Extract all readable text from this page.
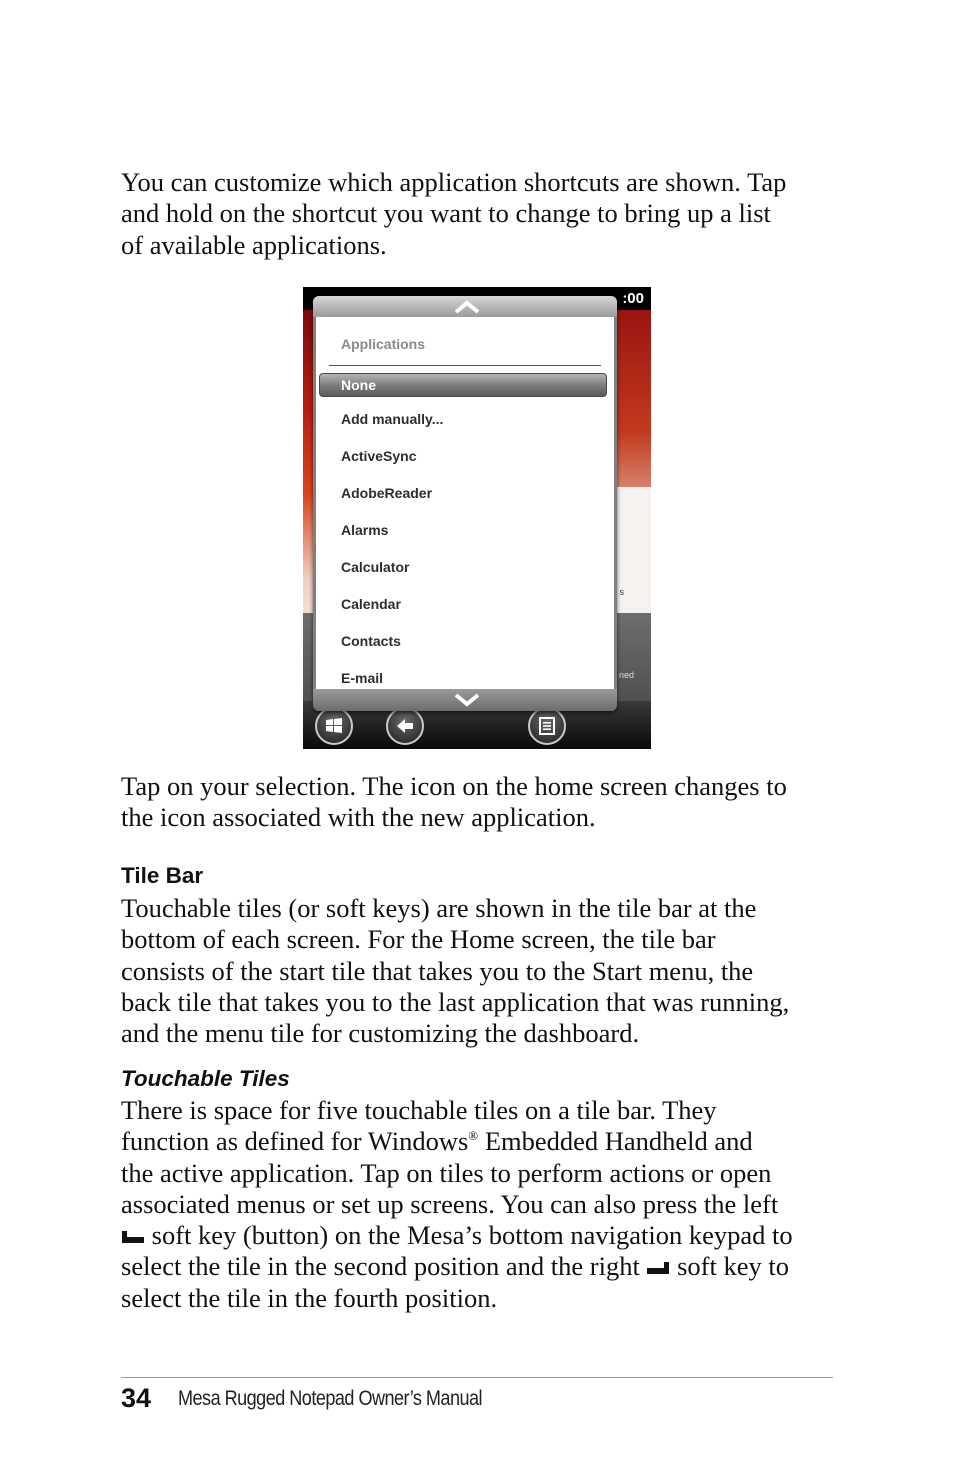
You can customize which application shortcuts are shown. Tap
and hold on the shortcut you want to change to bring up a list
of available applications.
s
ned
:00
Applications
None
Add manually...
ActiveSync
AdobeReader
Alarms
Calculator
Calendar
Contacts
E-mail
Tap on your selection. The icon on the home screen changes to
the icon associated with the new application.
Tile Bar
Touchable tiles (or soft keys) are shown in the tile bar at the
bottom of each screen. For the Home screen, the tile bar
consists of the start tile that takes you to the Start menu, the
back tile that takes you to the last application that was running,
and the menu tile for customizing the dashboard.
Touchable Tiles
There is space for five touchable tiles on a tile bar. They
function as defined for Windows® Embedded Handheld and
the active application. Tap on tiles to perform actions or open
associated menus or set up screens. You can also press the left
soft key (button) on the Mesa’s bottom navigation keypad to
select the tile in the second position and the right  soft key to
select the tile in the fourth position.
34 Mesa Rugged Notepad Owner’s Manual
